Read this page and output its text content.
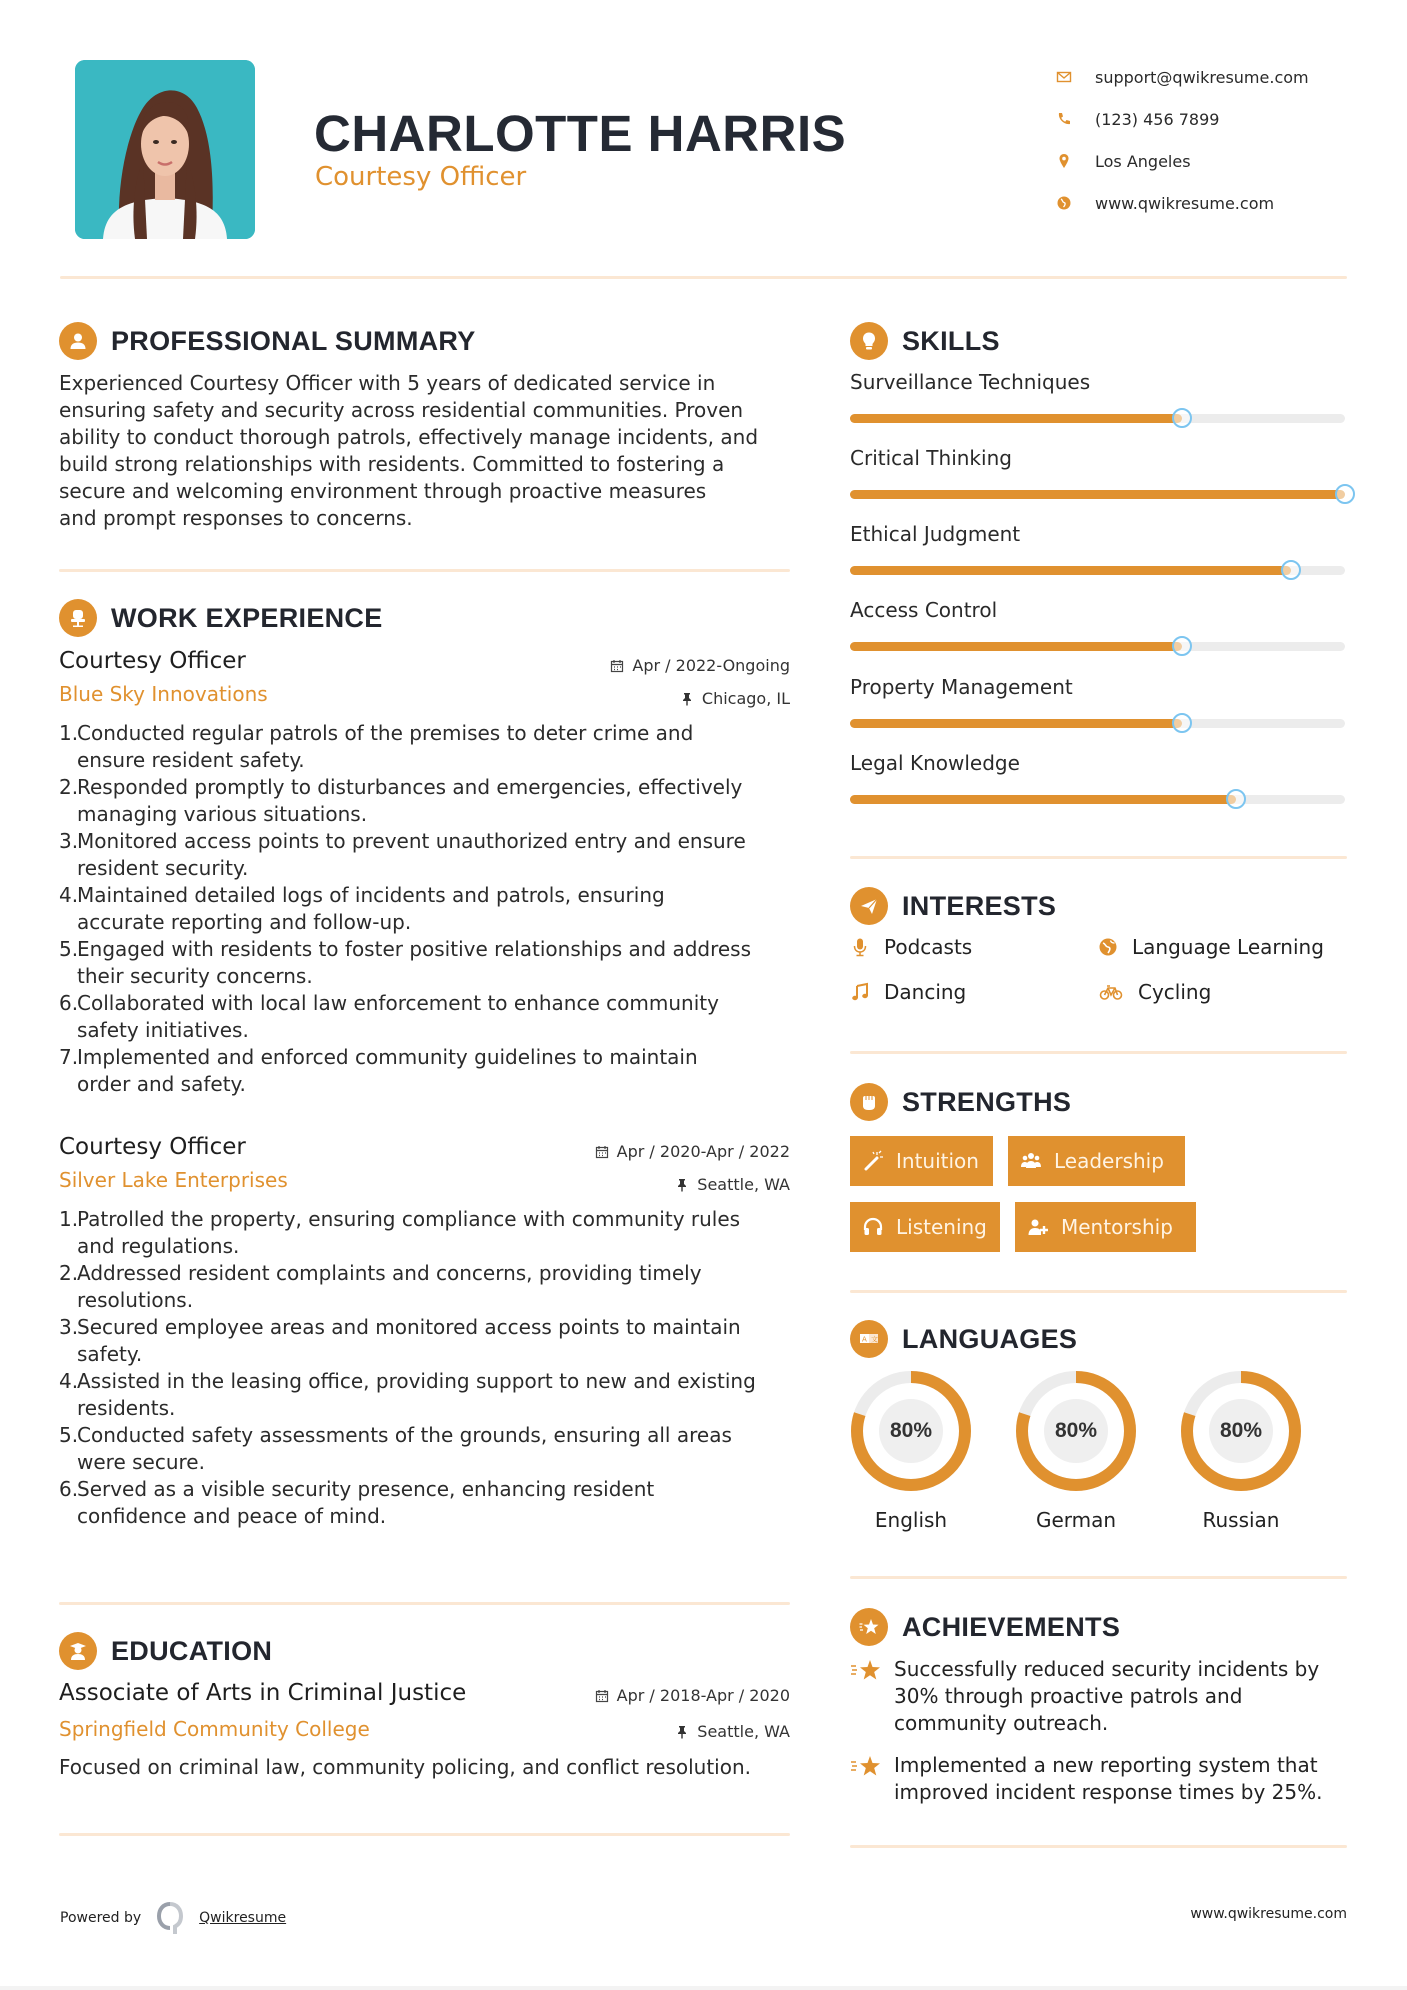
CHARLOTTE HARRIS
Courtesy Officer
support@qwikresume.com
(123) 456 7899
Los Angeles
www.qwikresume.com
PROFESSIONAL SUMMARY
Experienced Courtesy Officer with 5 years of dedicated service in
ensuring safety and security across residential communities. Proven
ability to conduct thorough patrols, effectively manage incidents, and
build strong relationships with residents. Committed to fostering a
secure and welcoming environment through proactive measures
and prompt responses to concerns.
WORK EXPERIENCE
Courtesy Officer	Apr / 2022-Ongoing
Blue Sky Innovations	Chicago, IL
1.
Conducted regular patrols of the premises to deter crime and
ensure resident safety.
2.
Responded promptly to disturbances and emergencies, effectively
managing various situations.
3.
Monitored access points to prevent unauthorized entry and ensure
resident security.
4.
Maintained detailed logs of incidents and patrols, ensuring
accurate reporting and follow-up.
5.
Engaged with residents to foster positive relationships and address
their security concerns.
6.
Collaborated with local law enforcement to enhance community
safety initiatives.
7.
Implemented and enforced community guidelines to maintain
order and safety.
Courtesy Officer	Apr / 2020-Apr / 2022
Silver Lake Enterprises	Seattle, WA
1.
Patrolled the property, ensuring compliance with community rules
and regulations.
2.
Addressed resident complaints and concerns, providing timely
resolutions.
3.
Secured employee areas and monitored access points to maintain
safety.
4.
Assisted in the leasing office, providing support to new and existing
residents.
5.
Conducted safety assessments of the grounds, ensuring all areas
were secure.
6.
Served as a visible security presence, enhancing resident
confidence and peace of mind.
EDUCATION
Associate of Arts in Criminal Justice	Apr / 2018-Apr / 2020
Springfield Community College	Seattle, WA
Focused on criminal law, community policing, and conflict resolution.
SKILLS
Surveillance Techniques
Critical Thinking
Ethical Judgment
Access Control
Property Management
Legal Knowledge
INTERESTS
Podcasts	Language Learning
Dancing	Cycling
STRENGTHS
Intuition	Leadership
Listening	Mentorship
A 文 LANGUAGES
80%
English
80%
German
80%
Russian
ACHIEVEMENTS
Successfully reduced security incidents by
30% through proactive patrols and
community outreach.
Implemented a new reporting system that
improved incident response times by 25%.
Powered by	Qwikresume	www.qwikresume.com
